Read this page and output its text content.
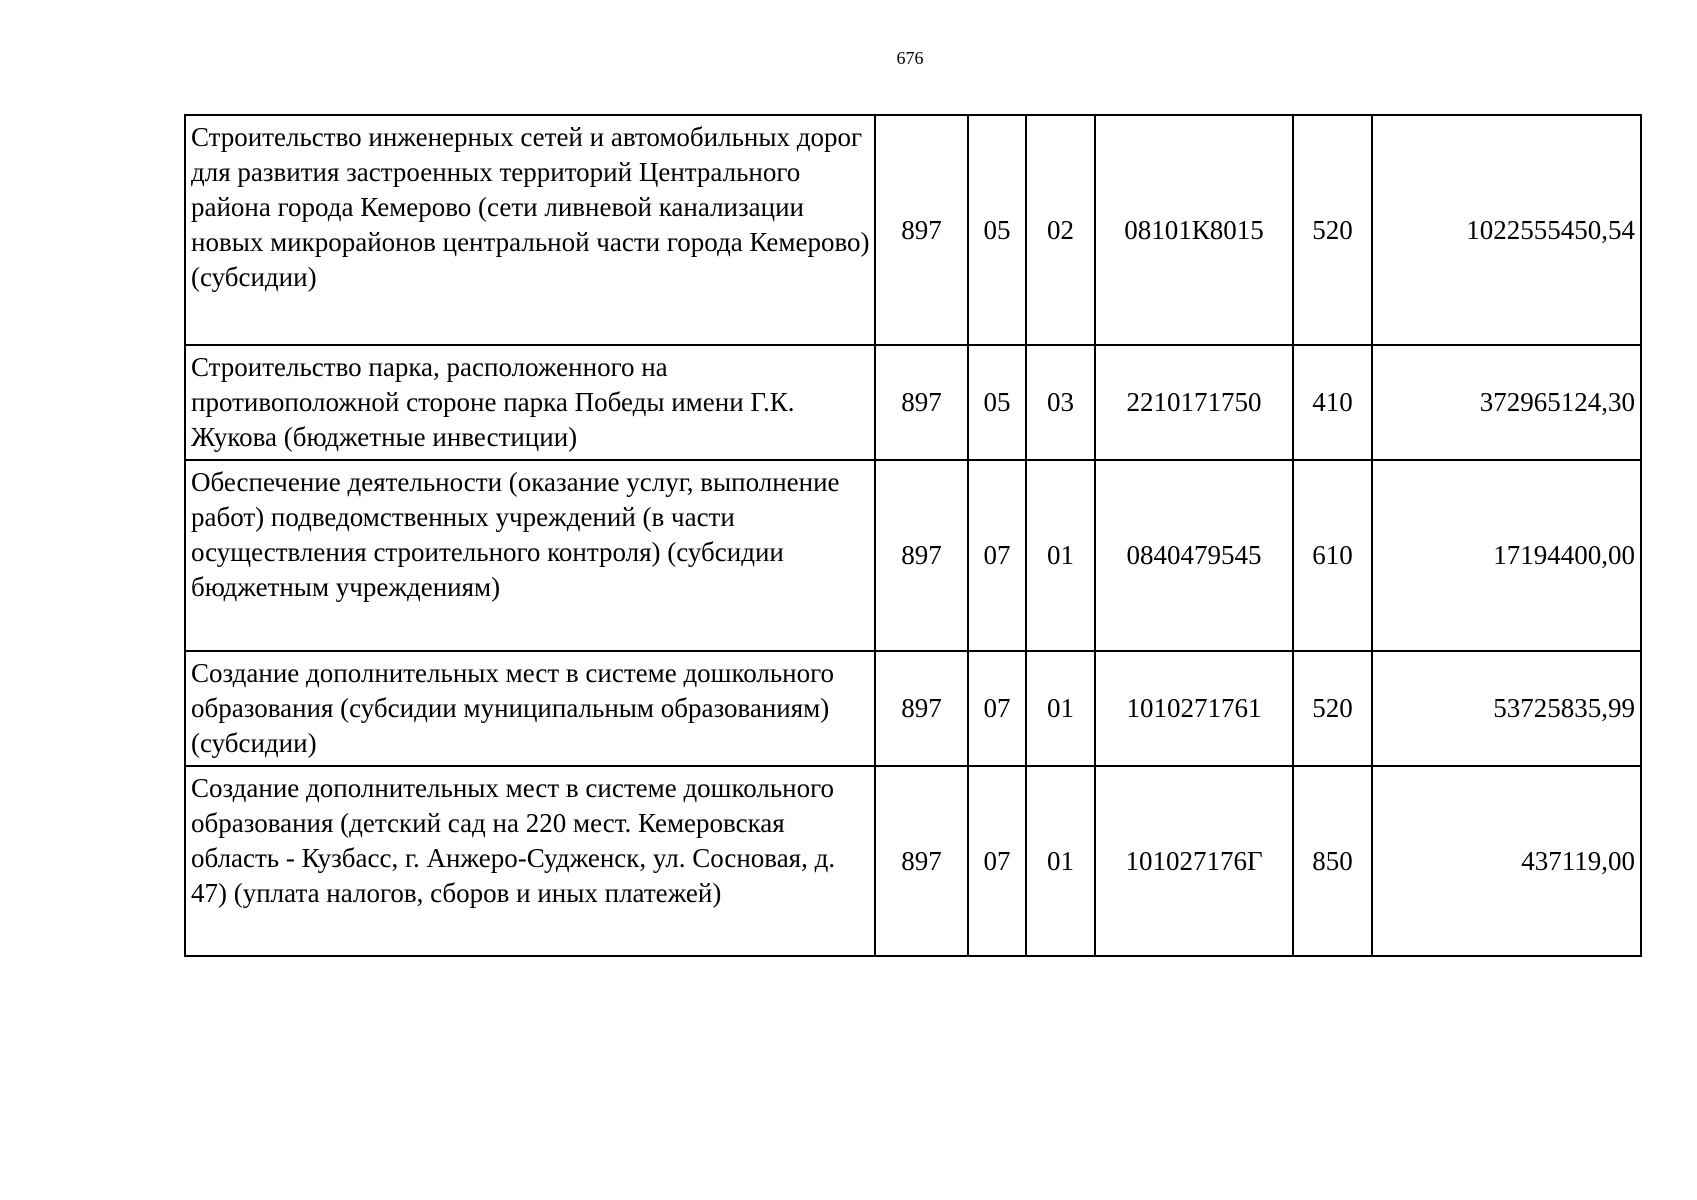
676
Строительство инженерных сетей и автомобильных дорог для развития застроенных территорий Центрального района города Кемерово (сети ливневой канализации новых микрорайонов центральной части города Кемерово) (субсидии)	897	05	02	08101К8015	520	1022555450,54
Строительство парка, расположенного на противоположной стороне парка Победы имени Г.К. Жукова (бюджетные инвестиции)	897	05	03	2210171750	410	372965124,30
Обеспечение деятельности (оказание услуг, выполнение работ) подведомственных учреждений (в части осуществления строительного контроля) (субсидии бюджетным учреждениям)	897	07	01	0840479545	610	17194400,00
Создание дополнительных мест в системе дошкольного образования (субсидии муниципальным образованиям) (субсидии)	897	07	01	1010271761	520	53725835,99
Создание дополнительных мест в системе дошкольного образования (детский сад на 220 мест. Кемеровская область - Кузбасс, г. Анжеро-Судженск, ул. Сосновая, д. 47) (уплата налогов, сборов и иных платежей)	897	07	01	101027176Г	850	437119,00
